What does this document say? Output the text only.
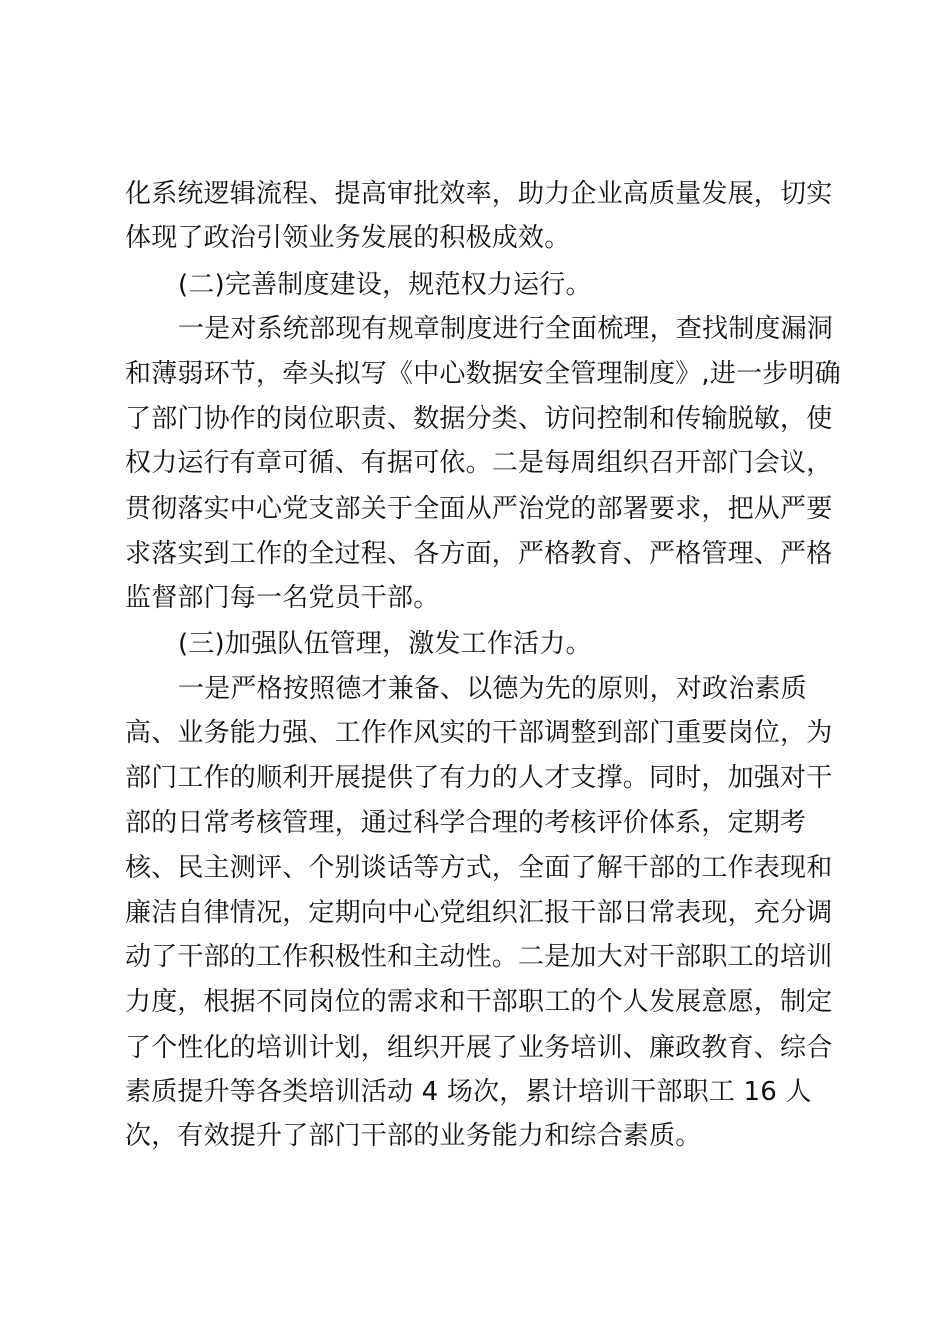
化系统逻辑流程、提高审批效率，助力企业高质量发展，切实
体现了政治引领业务发展的积极成效。
(二)完善制度建设，规范权力运行。
一是对系统部现有规章制度进行全面梳理，查找制度漏洞
和薄弱环节，牵头拟写《中心数据安全管理制度》,进一步明确
了部门协作的岗位职责、数据分类、访问控制和传输脱敏，使
权力运行有章可循、有据可依。二是每周组织召开部门会议，
贯彻落实中心党支部关于全面从严治党的部署要求，把从严要
求落实到工作的全过程、各方面，严格教育、严格管理、严格
监督部门每一名党员干部。
(三)加强队伍管理，激发工作活力。
一是严格按照德才兼备、以德为先的原则，对政治素质
高、业务能力强、工作作风实的干部调整到部门重要岗位，为
部门工作的顺利开展提供了有力的人才支撑。同时，加强对干
部的日常考核管理，通过科学合理的考核评价体系，定期考
核、民主测评、个别谈话等方式，全面了解干部的工作表现和
廉洁自律情况，定期向中心党组织汇报干部日常表现，充分调
动了干部的工作积极性和主动性。二是加大对干部职工的培训
力度，根据不同岗位的需求和干部职工的个人发展意愿，制定
了个性化的培训计划，组织开展了业务培训、廉政教育、综合
素质提升等各类培训活动 4 场次，累计培训干部职工 16 人
次，有效提升了部门干部的业务能力和综合素质。
